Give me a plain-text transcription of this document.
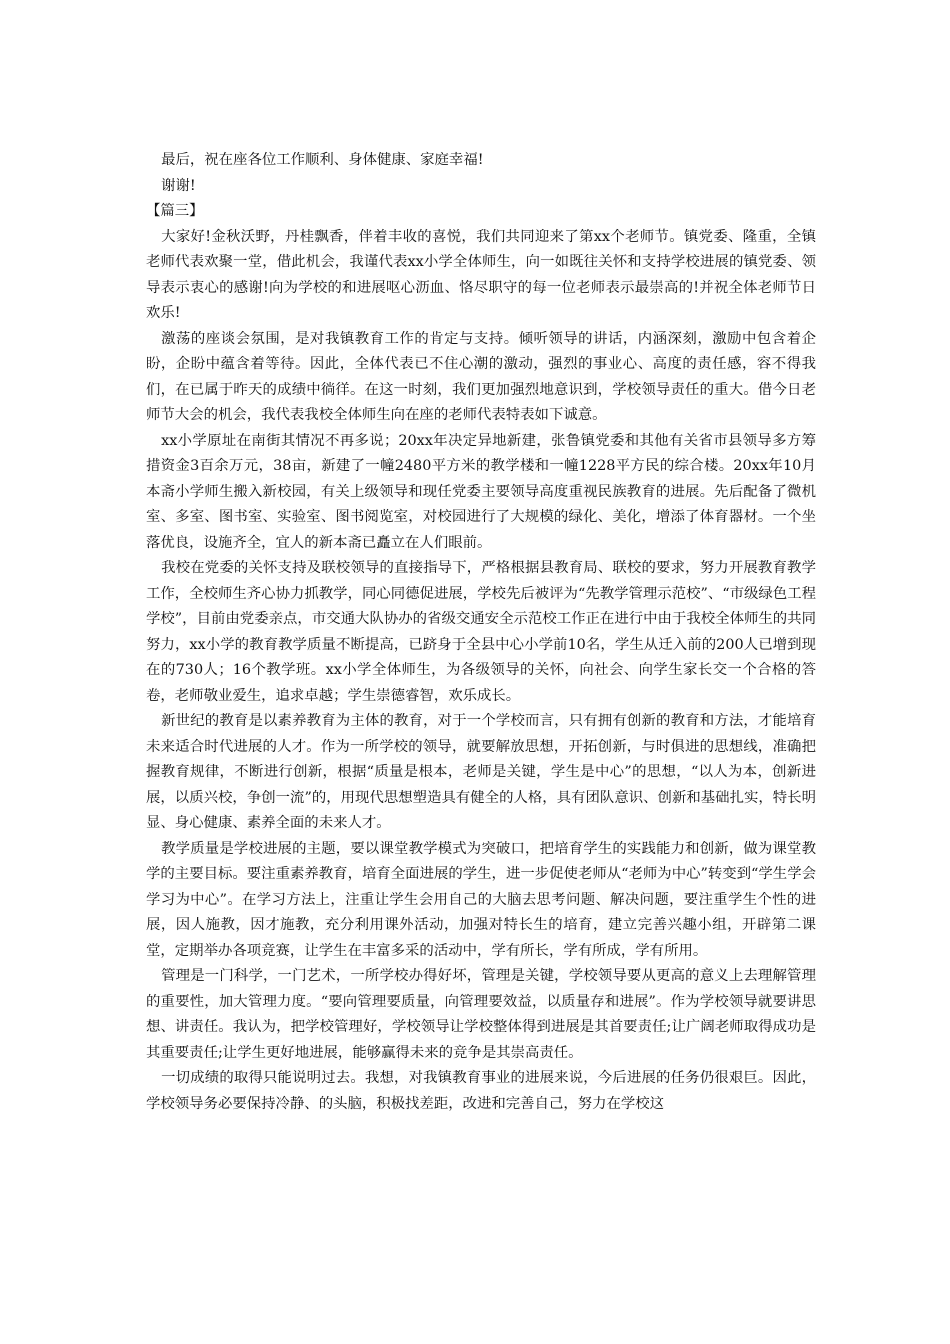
最后，祝在座各位工作顺利、身体健康、家庭幸福!

谢谢!

【篇三】

大家好!金秋沃野，丹桂飘香，伴着丰收的喜悦，我们共同迎来了第xx个老师节。镇党委、隆重，全镇老师代表欢聚一堂，借此机会，我谨代表xx小学全体师生，向一如既往关怀和支持学校进展的镇党委、领导表示衷心的感谢!向为学校的和进展呕心沥血、恪尽职守的每一位老师表示最崇高的!并祝全体老师节日欢乐!

激荡的座谈会氛围，是对我镇教育工作的肯定与支持。倾听领导的讲话，内涵深刻，激励中包含着企盼，企盼中蕴含着等待。因此，全体代表已不住心潮的激动，强烈的事业心、高度的责任感，容不得我们，在已属于昨天的成绩中徜徉。在这一时刻，我们更加强烈地意识到，学校领导责任的重大。借今日老师节大会的机会，我代表我校全体师生向在座的老师代表特表如下诚意。

xx小学原址在南街其情况不再多说；20xx年决定异地新建，张鲁镇党委和其他有关省市县领导多方筹措资金3百余万元，38亩，新建了一幢2480平方米的教学楼和一幢1228平方民的综合楼。20xx年10月本斋小学师生搬入新校园，有关上级领导和现任党委主要领导高度重视民族教育的进展。先后配备了微机室、多室、图书室、实验室、图书阅览室，对校园进行了大规模的绿化、美化，增添了体育器材。一个坐落优良，设施齐全，宜人的新本斋已矗立在人们眼前。

我校在党委的关怀支持及联校领导的直接指导下，严格根据县教育局、联校的要求，努力开展教育教学工作，全校师生齐心协力抓教学，同心同德促进展，学校先后被评为“先教学管理示范校”、“市级绿色工程学校”，目前由党委亲点，市交通大队协办的省级交通安全示范校工作正在进行中由于我校全体师生的共同努力，xx小学的教育教学质量不断提高，已跻身于全县中心小学前10名，学生从迁入前的200人已增到现在的730人；16个教学班。xx小学全体师生，为各级领导的关怀，向社会、向学生家长交一个合格的答卷，老师敬业爱生，追求卓越；学生崇德睿智，欢乐成长。

新世纪的教育是以素养教育为主体的教育，对于一个学校而言，只有拥有创新的教育和方法，才能培育未来适合时代进展的人才。作为一所学校的领导，就要解放思想，开拓创新，与时俱进的思想线，准确把握教育规律，不断进行创新，根据“质量是根本，老师是关键，学生是中心”的思想，“以人为本，创新进展，以质兴校，争创一流”的，用现代思想塑造具有健全的人格，具有团队意识、创新和基础扎实，特长明显、身心健康、素养全面的未来人才。

教学质量是学校进展的主题，要以课堂教学模式为突破口，把培育学生的实践能力和创新，做为课堂教学的主要目标。要注重素养教育，培育全面进展的学生，进一步促使老师从“老师为中心”转变到“学生学会学习为中心”。在学习方法上，注重让学生会用自己的大脑去思考问题、解决问题，要注重学生个性的进展，因人施教，因才施教，充分利用课外活动，加强对特长生的培育，建立完善兴趣小组，开辟第二课堂，定期举办各项竞赛，让学生在丰富多采的活动中，学有所长，学有所成，学有所用。

管理是一门科学，一门艺术，一所学校办得好坏，管理是关键，学校领导要从更高的意义上去理解管理的重要性，加大管理力度。“要向管理要质量，向管理要效益，以质量存和进展”。作为学校领导就要讲思想、讲责任。我认为，把学校管理好，学校领导让学校整体得到进展是其首要责任;让广阔老师取得成功是其重要责任;让学生更好地进展，能够赢得未来的竞争是其崇高责任。

一切成绩的取得只能说明过去。我想，对我镇教育事业的进展来说，今后进展的任务仍很艰巨。因此，学校领导务必要保持冷静、的头脑，积极找差距，改进和完善自己，努力在学校这
